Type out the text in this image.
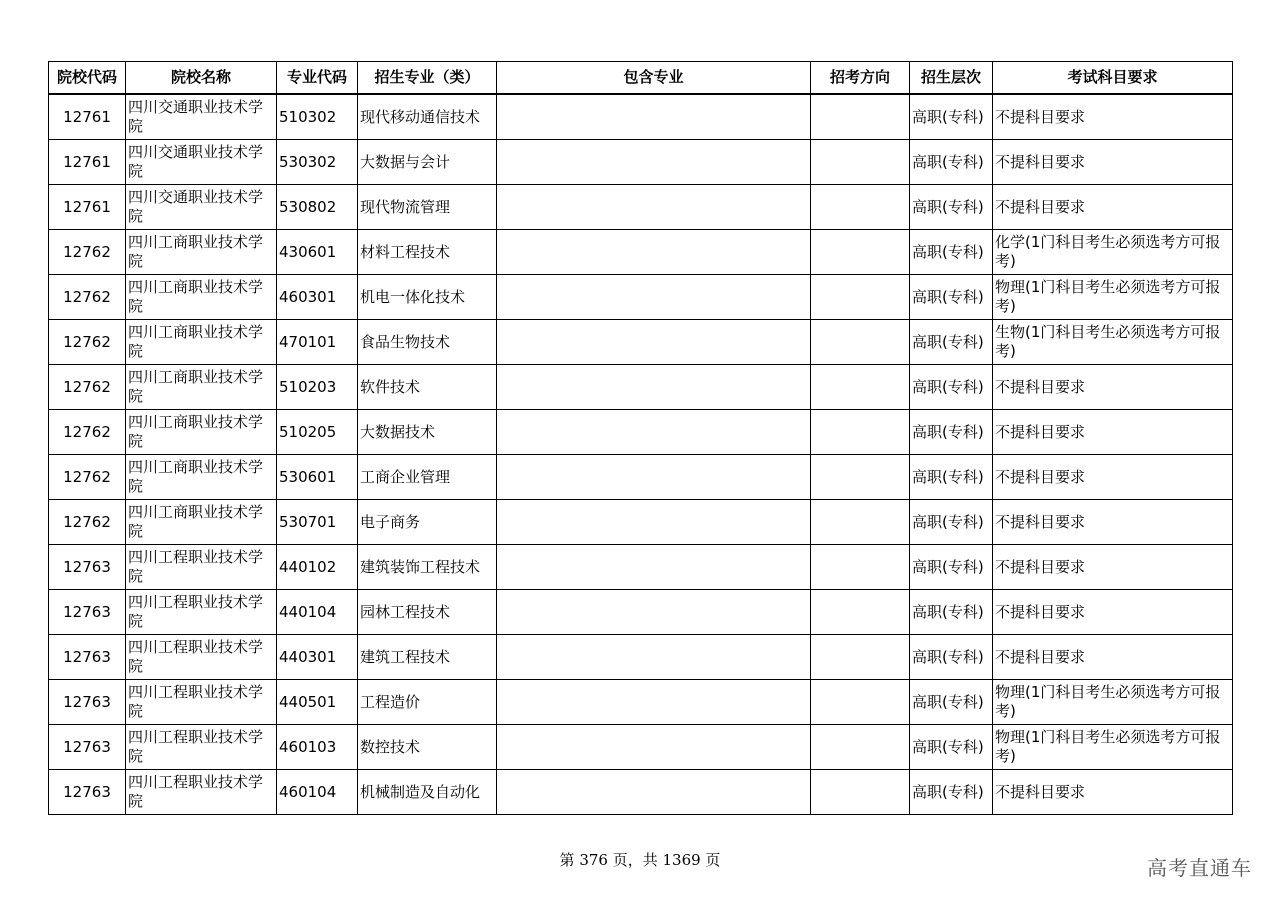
院校代码	院校名称	专业代码	招生专业（类）	包含专业	招考方向	招生层次	考试科目要求
12761	四川交通职业技术学院	510302	现代移动通信技术			高职(专科)	不提科目要求
12761	四川交通职业技术学院	530302	大数据与会计			高职(专科)	不提科目要求
12761	四川交通职业技术学院	530802	现代物流管理			高职(专科)	不提科目要求
12762	四川工商职业技术学院	430601	材料工程技术			高职(专科)	化学(1门科目考生必须选考方可报考)
12762	四川工商职业技术学院	460301	机电一体化技术			高职(专科)	物理(1门科目考生必须选考方可报考)
12762	四川工商职业技术学院	470101	食品生物技术			高职(专科)	生物(1门科目考生必须选考方可报考)
12762	四川工商职业技术学院	510203	软件技术			高职(专科)	不提科目要求
12762	四川工商职业技术学院	510205	大数据技术			高职(专科)	不提科目要求
12762	四川工商职业技术学院	530601	工商企业管理			高职(专科)	不提科目要求
12762	四川工商职业技术学院	530701	电子商务			高职(专科)	不提科目要求
12763	四川工程职业技术学院	440102	建筑装饰工程技术			高职(专科)	不提科目要求
12763	四川工程职业技术学院	440104	园林工程技术			高职(专科)	不提科目要求
12763	四川工程职业技术学院	440301	建筑工程技术			高职(专科)	不提科目要求
12763	四川工程职业技术学院	440501	工程造价			高职(专科)	物理(1门科目考生必须选考方可报考)
12763	四川工程职业技术学院	460103	数控技术			高职(专科)	物理(1门科目考生必须选考方可报考)
12763	四川工程职业技术学院	460104	机械制造及自动化			高职(专科)	不提科目要求
第 376 页，共 1369 页	高考直通车
